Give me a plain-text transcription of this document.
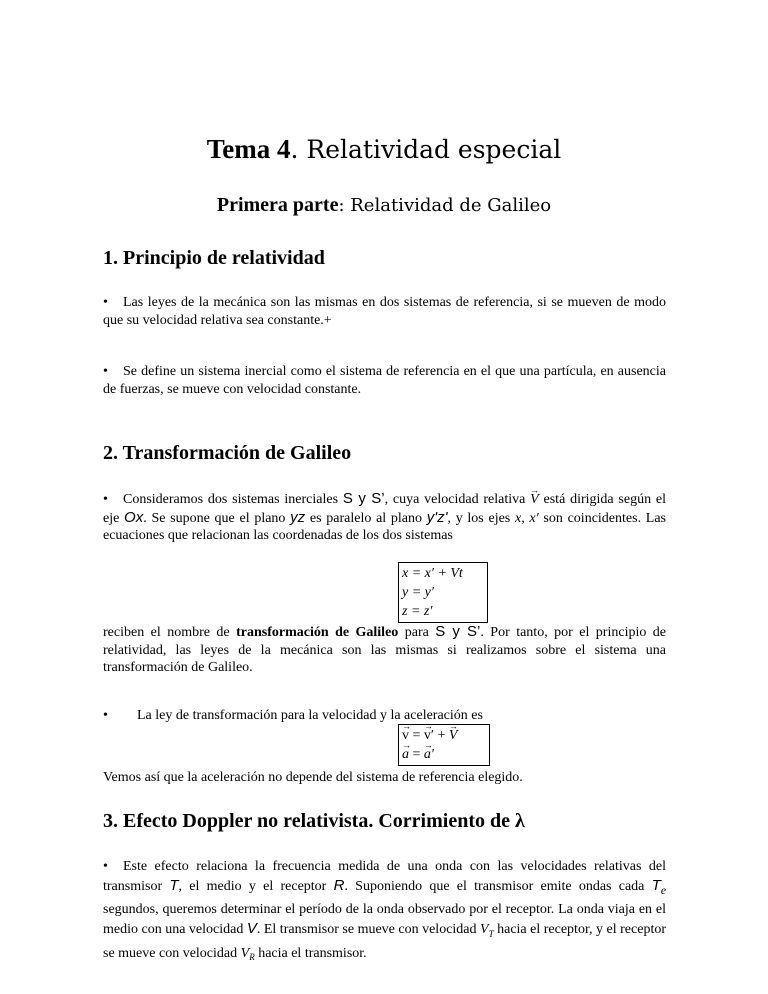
Tema 4. Relatividad especial
Primera parte: Relatividad de Galileo
1. Principio de relatividad
• Las leyes de la mecánica son las mismas en dos sistemas de referencia, si se mueven de modo que su velocidad relativa sea constante.+
• Se define un sistema inercial como el sistema de referencia en el que una partícula, en ausencia de fuerzas, se mueve con velocidad constante.
2. Transformación de Galileo
• Consideramos dos sistemas inerciales S y S’, cuya velocidad relativa → V está dirigida según el eje Ox. Se supone que el plano yz es paralelo al plano y'z', y los ejes x, x′ son coincidentes. Las ecuaciones que relacionan las coordenadas de los dos sistemas
x = x′ + Vt
y = y′
z = z′
reciben el nombre de transformación de Galileo para S y S’. Por tanto, por el principio de relatividad, las leyes de la mecánica son las mismas si realizamos sobre el sistema una transformación de Galileo.
• La ley de transformación para la velocidad y la aceleración es
→ v = → v′ + → V
→ a = → a′
Vemos así que la aceleración no depende del sistema de referencia elegido.
3. Efecto Doppler no relativista. Corrimiento de λ
• Este efecto relaciona la frecuencia medida de una onda con las velocidades relativas del transmisor T, el medio y el receptor R. Suponiendo que el transmisor emite ondas cada $T_e$ segundos, queremos determinar el período de la onda observado por el receptor. La onda viaja en el medio con una velocidad V. El transmisor se mueve con velocidad $V_T$ hacia el receptor, y el receptor se mueve con velocidad $V_R$ hacia el transmisor.
